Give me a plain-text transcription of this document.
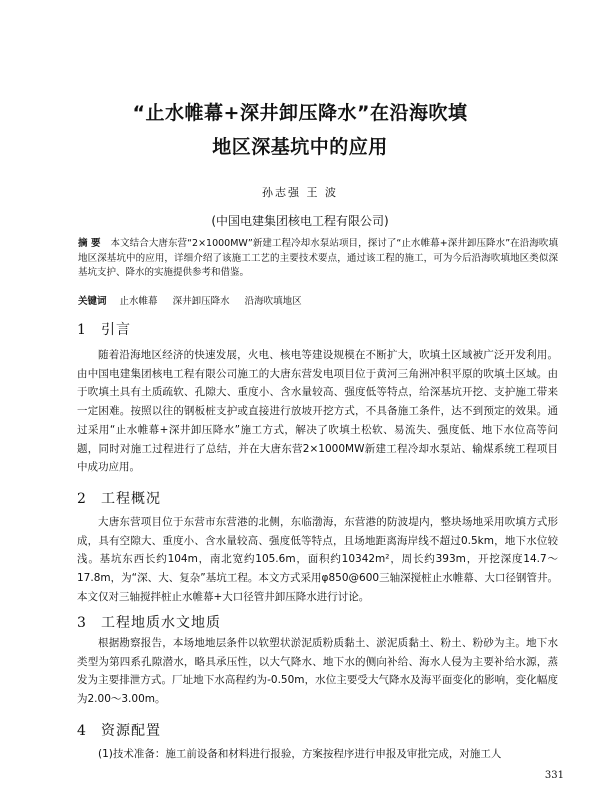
“止水帷幕+深井卸压降水”在沿海吹填
地区深基坑中的应用
孙志强 王 波
(中国电建集团核电工程有限公司)
摘 要 本文结合大唐东营“2×1000MW”新建工程冷却水泵站项目，探讨了“止水帷幕+深井卸压降水”在沿海吹填地区深基坑中的应用，详细介绍了该施工工艺的主要技术要点，通过该工程的施工，可为今后沿海吹填地区类似深基坑支护、降水的实施提供参考和借鉴。
关键词 止水帷幕 深井卸压降水 沿海吹填地区
1 引言

随着沿海地区经济的快速发展，火电、核电等建设规模在不断扩大，吹填土区域被广泛开发利用。由中国电建集团核电工程有限公司施工的大唐东营发电项目位于黄河三角洲冲积平原的吹填土区域。由于吹填土具有土质疏软、孔隙大、重度小、含水量较高、强度低等特点，给深基坑开挖、支护施工带来一定困难。按照以往的钢板桩支护或直接进行放坡开挖方式，不具备施工条件，达不到预定的效果。通过采用“止水帷幕+深井卸压降水”施工方式，解决了吹填土松软、易流失、强度低、地下水位高等问题，同时对施工过程进行了总结，并在大唐东营2×1000MW新建工程冷却水泵站、输煤系统工程项目中成功应用。

2 工程概况

大唐东营项目位于东营市东营港的北侧，东临渤海，东营港的防波堤内，整块场地采用吹填方式形成，具有空隙大、重度小、含水量较高、强度低等特点，且场地距离海岸线不超过0.5km，地下水位较浅。基坑东西长约104m，南北宽约105.6m，面积约10342m²，周长约393m，开挖深度14.7～17.8m，为“深、大、复杂”基坑工程。本文方式采用φ850@600三轴深搅桩止水帷幕、大口径钢管井。本文仅对三轴搅拌桩止水帷幕+大口径管井卸压降水进行讨论。

3 工程地质水文地质

根据勘察报告，本场地地层条件以软塑状淤泥质粉质黏土、淤泥质黏土、粉土、粉砂为主。地下水类型为第四系孔隙潜水，略具承压性，以大气降水、地下水的侧向补给、海水人侵为主要补给水源，蒸发为主要排泄方式。厂址地下水高程约为-0.50m，水位主要受大气降水及海平面变化的影响，变化幅度为2.00～3.00m。

4 资源配置

(1)技术准备：施工前设备和材料进行报验，方案按程序进行申报及审批完成，对施工人

331
